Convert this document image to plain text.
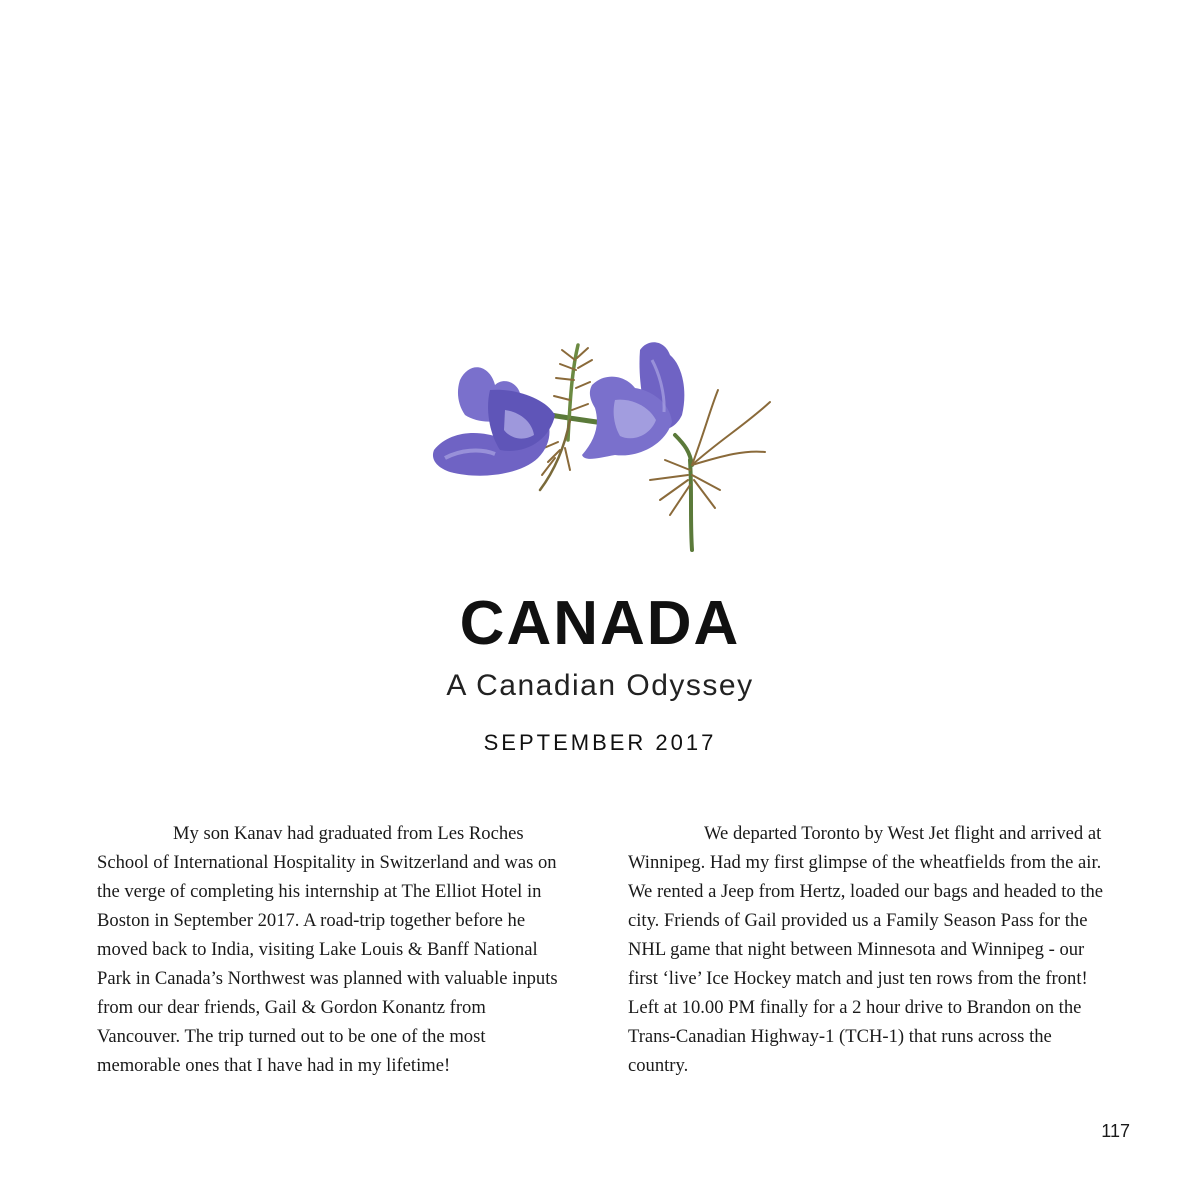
CANADA
A Canadian Odyssey
SEPTEMBER 2017

My son Kanav had graduated from Les Roches School of International Hospitality in Switzerland and was on the verge of completing his internship at The Elliot Hotel in Boston in September 2017. A road-trip together before he moved back to India, visiting Lake Louis & Banff National Park in Canada’s Northwest was planned with valuable inputs from our dear friends, Gail & Gordon Konantz from Vancouver. The trip turned out to be one of the most memorable ones that I have had in my lifetime!

We departed Toronto by West Jet flight and arrived at Winnipeg. Had my first glimpse of the wheatfields from the air. We rented a Jeep from Hertz, loaded our bags and headed to the city. Friends of Gail provided us a Family Season Pass for the NHL game that night between Minnesota and Winnipeg - our first ‘live’ Ice Hockey match and just ten rows from the front! Left at 10.00 PM finally for a 2 hour drive to Brandon on the Trans-Canadian Highway-1 (TCH-1) that runs across the country.

117
